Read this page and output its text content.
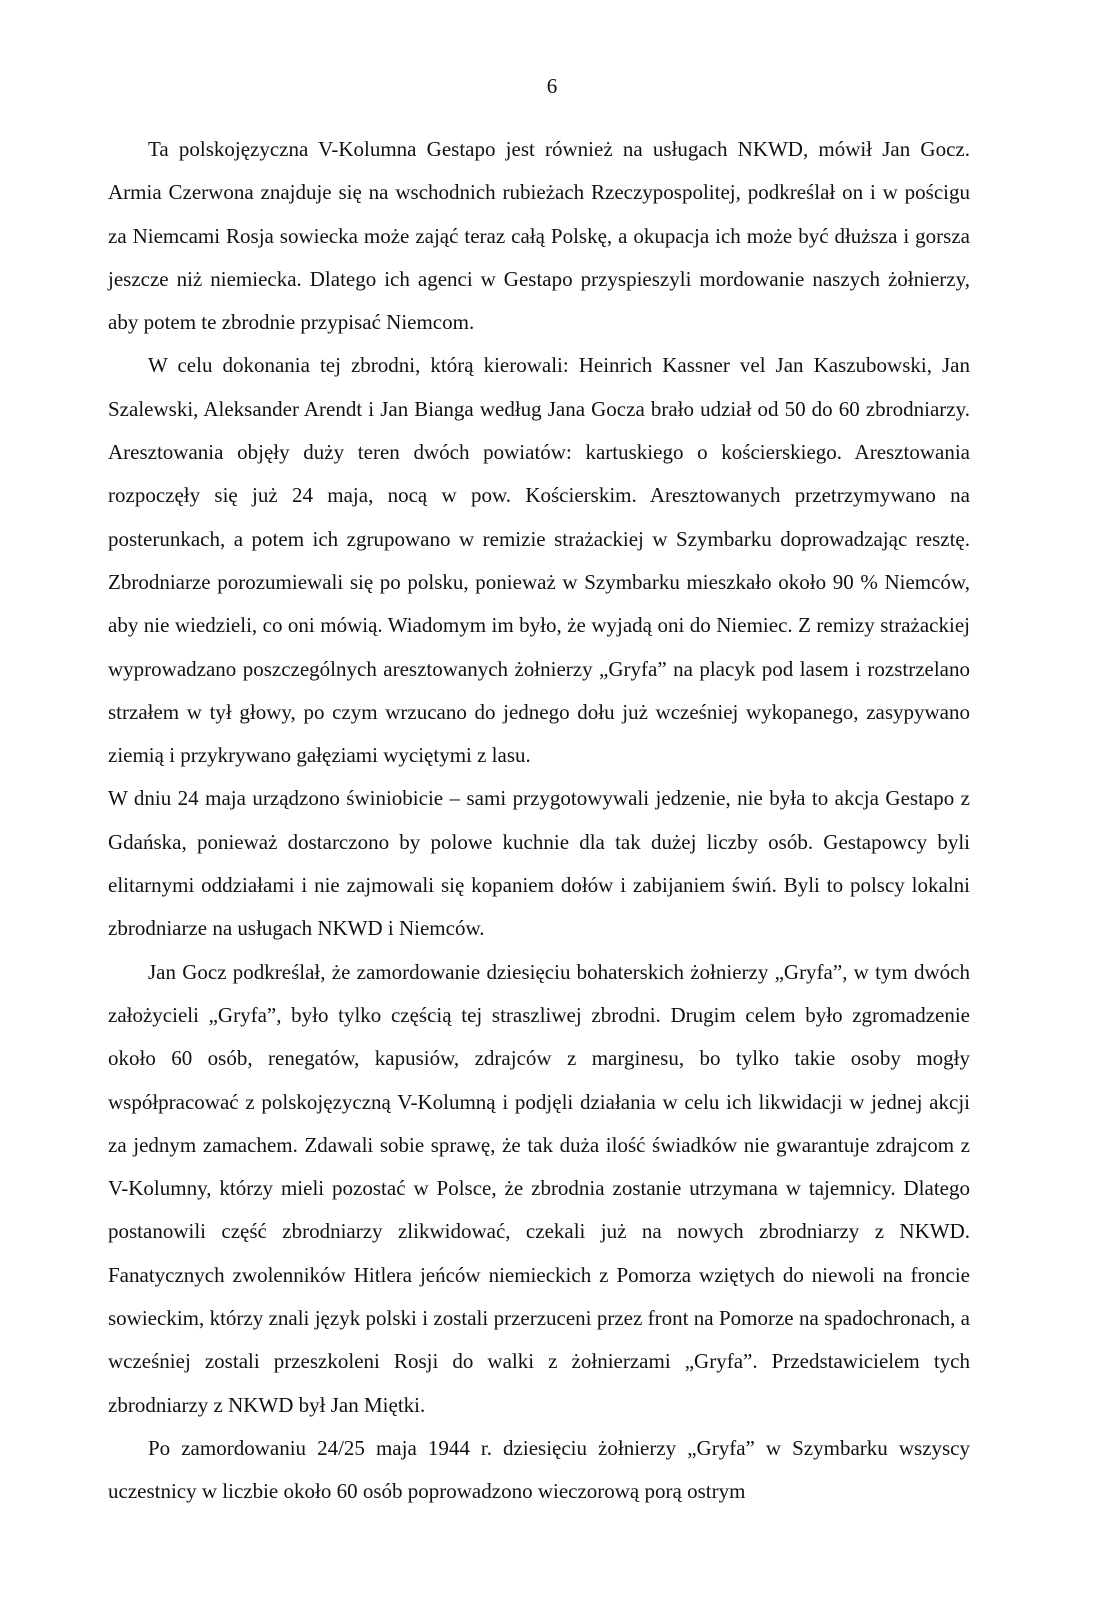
6

Ta polskojęzyczna V-Kolumna Gestapo jest również na usługach NKWD, mówił Jan Gocz. Armia Czerwona znajduje się na wschodnich rubieżach Rzeczypospolitej, podkreślał on i w pościgu za Niemcami Rosja sowiecka może zająć teraz całą Polskę, a okupacja ich może być dłuższa i gorsza jeszcze niż niemiecka. Dlatego ich agenci w Gestapo przyspieszyli mordowanie naszych żołnierzy, aby potem te zbrodnie przypisać Niemcom.

W celu dokonania tej zbrodni, którą kierowali: Heinrich Kassner vel Jan Kaszubowski, Jan Szalewski, Aleksander Arendt i Jan Bianga według Jana Gocza brało udział od 50 do 60 zbrodniarzy. Aresztowania objęły duży teren dwóch powiatów: kartuskiego o kościerskiego. Aresztowania rozpoczęły się już 24 maja, nocą w pow. Kościerskim. Aresztowanych przetrzymywano na posterunkach, a potem ich zgrupowano w remizie strażackiej w Szymbarku doprowadzając resztę. Zbrodniarze porozumiewali się po polsku, ponieważ w Szymbarku mieszkało około 90 % Niemców, aby nie wiedzieli, co oni mówią. Wiadomym im było, że wyjadą oni do Niemiec. Z remizy strażackiej wyprowadzano poszczególnych aresztowanych żołnierzy „Gryfa” na placyk pod lasem i rozstrzelano strzałem w tył głowy, po czym wrzucano do jednego dołu już wcześniej wykopanego, zasypywano ziemią i przykrywano gałęziami wyciętymi z lasu.

W dniu 24 maja urządzono świniobicie – sami przygotowywali jedzenie, nie była to akcja Gestapo z Gdańska, ponieważ dostarczono by polowe kuchnie dla tak dużej liczby osób. Gestapowcy byli elitarnymi oddziałami i nie zajmowali się kopaniem dołów i zabijaniem świń. Byli to polscy lokalni zbrodniarze na usługach NKWD i Niemców.

Jan Gocz podkreślał, że zamordowanie dziesięciu bohaterskich żołnierzy „Gryfa”, w tym dwóch założycieli „Gryfa”, było tylko częścią tej straszliwej zbrodni. Drugim celem było zgromadzenie około 60 osób, renegatów, kapusiów, zdrajców z marginesu, bo tylko takie osoby mogły współpracować z polskojęzyczną V-Kolumną i podjęli działania w celu ich likwidacji w jednej akcji za jednym zamachem. Zdawali sobie sprawę, że tak duża ilość świadków nie gwarantuje zdrajcom z V-Kolumny, którzy mieli pozostać w Polsce, że zbrodnia zostanie utrzymana w tajemnicy. Dlatego postanowili część zbrodniarzy zlikwidować, czekali już na nowych zbrodniarzy z NKWD. Fanatycznych zwolenników Hitlera jeńców niemieckich z Pomorza wziętych do niewoli na froncie sowieckim, którzy znali język polski i zostali przerzuceni przez front na Pomorze na spadochronach, a wcześniej zostali przeszkoleni Rosji do walki z żołnierzami „Gryfa”. Przedstawicielem tych zbrodniarzy z NKWD był Jan Miętki.

Po zamordowaniu 24/25 maja 1944 r. dziesięciu żołnierzy „Gryfa” w Szymbarku wszyscy uczestnicy w liczbie około 60 osób poprowadzono wieczorową porą ostrym
